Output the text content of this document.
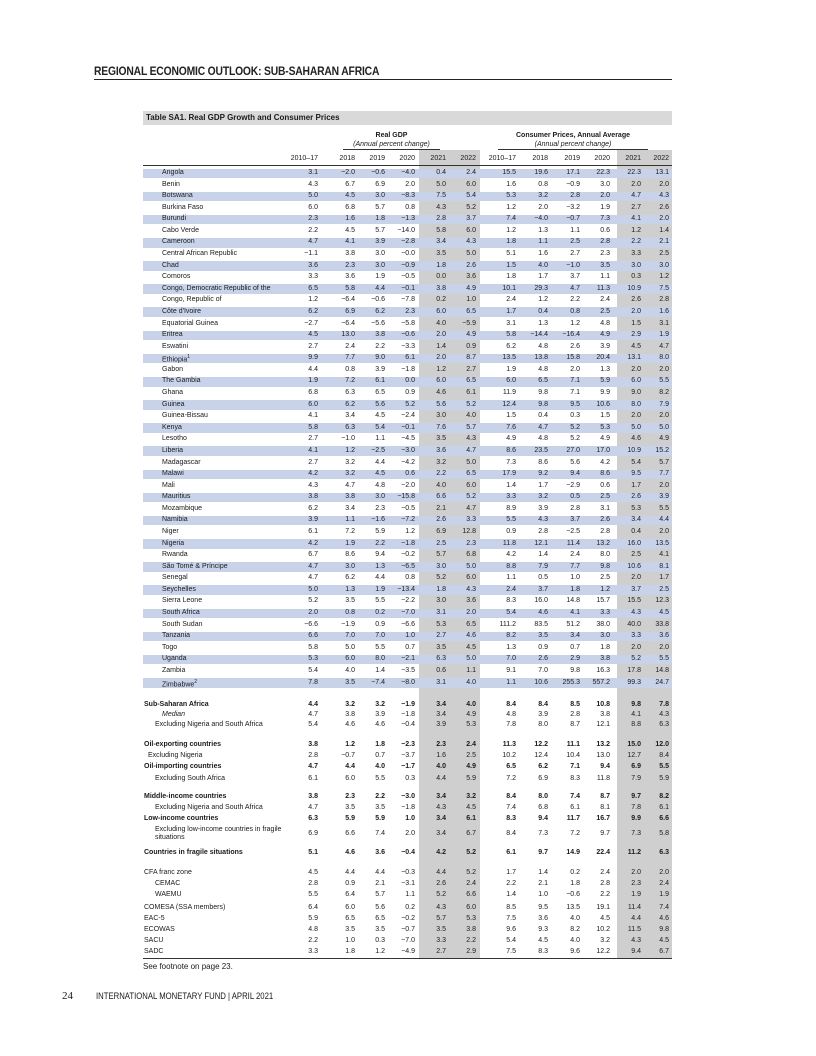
REGIONAL ECONOMIC OUTLOOK: SUB-SAHARAN AFRICA
Table SA1. Real GDP Growth and Consumer Prices
Real GDP
(Annual percent change)
Consumer Prices, Annual Average
(Annual percent change)
2010–17	2018	2019	2020	2021	2022	2010–17	2018	2019	2020	2021	2022
Angola	3.1	−2.0	−0.6	−4.0	0.4	2.4	15.5	19.6	17.1	22.3	22.3	13.1
Benin	4.3	6.7	6.9	2.0	5.0	6.0	1.6	0.8	−0.9	3.0	2.0	2.0
Botswana	5.0	4.5	3.0	−8.3	7.5	5.4	5.3	3.2	2.8	2.0	4.7	4.3
Burkina Faso	6.0	6.8	5.7	0.8	4.3	5.2	1.2	2.0	−3.2	1.9	2.7	2.6
Burundi	2.3	1.6	1.8	−1.3	2.8	3.7	7.4	−4.0	−0.7	7.3	4.1	2.0
Cabo Verde	2.2	4.5	5.7	−14.0	5.8	6.0	1.2	1.3	1.1	0.6	1.2	1.4
Cameroon	4.7	4.1	3.9	−2.8	3.4	4.3	1.8	1.1	2.5	2.8	2.2	2.1
Central African Republic	−1.1	3.8	3.0	−0.0	3.5	5.0	5.1	1.6	2.7	2.3	3.3	2.5
Chad	3.6	2.3	3.0	−0.9	1.8	2.6	1.5	4.0	−1.0	3.5	3.0	3.0
Comoros	3.3	3.6	1.9	−0.5	0.0	3.6	1.8	1.7	3.7	1.1	0.3	1.2
Congo, Democratic Republic of the	6.5	5.8	4.4	−0.1	3.8	4.9	10.1	29.3	4.7	11.3	10.9	7.5
Congo, Republic of	1.2	−6.4	−0.6	−7.8	0.2	1.0	2.4	1.2	2.2	2.4	2.6	2.8
Côte d'Ivoire	6.2	6.9	6.2	2.3	6.0	6.5	1.7	0.4	0.8	2.5	2.0	1.6
Equatorial Guinea	−2.7	−6.4	−5.6	−5.8	4.0	−5.9	3.1	1.3	1.2	4.8	1.5	3.1
Eritrea	4.5	13.0	3.8	−0.6	2.0	4.9	5.8	−14.4	−16.4	4.9	2.9	1.9
Eswatini	2.7	2.4	2.2	−3.3	1.4	0.9	6.2	4.8	2.6	3.9	4.5	4.7
Ethiopia$^1$	9.9	7.7	9.0	6.1	2.0	8.7	13.5	13.8	15.8	20.4	13.1	8.0
Gabon	4.4	0.8	3.9	−1.8	1.2	2.7	1.9	4.8	2.0	1.3	2.0	2.0
The Gambia	1.9	7.2	6.1	0.0	6.0	6.5	6.0	6.5	7.1	5.9	6.0	5.5
Ghana	6.8	6.3	6.5	0.9	4.6	6.1	11.9	9.8	7.1	9.9	9.0	8.2
Guinea	6.0	6.2	5.6	5.2	5.6	5.2	12.4	9.8	9.5	10.6	8.0	7.9
Guinea-Bissau	4.1	3.4	4.5	−2.4	3.0	4.0	1.5	0.4	0.3	1.5	2.0	2.0
Kenya	5.8	6.3	5.4	−0.1	7.6	5.7	7.6	4.7	5.2	5.3	5.0	5.0
Lesotho	2.7	−1.0	1.1	−4.5	3.5	4.3	4.9	4.8	5.2	4.9	4.6	4.9
Liberia	4.1	1.2	−2.5	−3.0	3.6	4.7	8.6	23.5	27.0	17.0	10.9	15.2
Madagascar	2.7	3.2	4.4	−4.2	3.2	5.0	7.3	8.6	5.6	4.2	5.4	5.7
Malawi	4.2	3.2	4.5	0.6	2.2	6.5	17.9	9.2	9.4	8.6	9.5	7.7
Mali	4.3	4.7	4.8	−2.0	4.0	6.0	1.4	1.7	−2.9	0.6	1.7	2.0
Mauritius	3.8	3.8	3.0	−15.8	6.6	5.2	3.3	3.2	0.5	2.5	2.6	3.9
Mozambique	6.2	3.4	2.3	−0.5	2.1	4.7	8.9	3.9	2.8	3.1	5.3	5.5
Namibia	3.9	1.1	−1.6	−7.2	2.6	3.3	5.5	4.3	3.7	2.6	3.4	4.4
Niger	6.1	7.2	5.9	1.2	6.9	12.8	0.9	2.8	−2.5	2.8	0.4	2.0
Nigeria	4.2	1.9	2.2	−1.8	2.5	2.3	11.8	12.1	11.4	13.2	16.0	13.5
Rwanda	6.7	8.6	9.4	−0.2	5.7	6.8	4.2	1.4	2.4	8.0	2.5	4.1
São Tomé & Príncipe	4.7	3.0	1.3	−6.5	3.0	5.0	8.8	7.9	7.7	9.8	10.6	8.1
Senegal	4.7	6.2	4.4	0.8	5.2	6.0	1.1	0.5	1.0	2.5	2.0	1.7
Seychelles	5.0	1.3	1.9	−13.4	1.8	4.3	2.4	3.7	1.8	1.2	3.7	2.5
Sierra Leone	5.2	3.5	5.5	−2.2	3.0	3.6	8.3	16.0	14.8	15.7	15.5	12.3
South Africa	2.0	0.8	0.2	−7.0	3.1	2.0	5.4	4.6	4.1	3.3	4.3	4.5
South Sudan	−6.6	−1.9	0.9	−6.6	5.3	6.5	111.2	83.5	51.2	38.0	40.0	33.8
Tanzania	6.6	7.0	7.0	1.0	2.7	4.6	8.2	3.5	3.4	3.0	3.3	3.6
Togo	5.8	5.0	5.5	0.7	3.5	4.5	1.3	0.9	0.7	1.8	2.0	2.0
Uganda	5.3	6.0	8.0	−2.1	6.3	5.0	7.0	2.6	2.9	3.8	5.2	5.5
Zambia	5.4	4.0	1.4	−3.5	0.6	1.1	9.1	7.0	9.8	16.3	17.8	14.8
Zimbabwe$^2$	7.8	3.5	−7.4	−8.0	3.1	4.0	1.1	10.6	255.3	557.2	99.3	24.7
Sub-Saharan Africa	4.4	3.2	3.2	−1.9	3.4	4.0	8.4	8.4	8.5	10.8	9.8	7.8
Median	4.7	3.8	3.9	−1.8	3.4	4.9	4.8	3.9	2.8	3.8	4.1	4.3
Excluding Nigeria and South Africa	5.4	4.6	4.6	−0.4	3.9	5.3	7.8	8.0	8.7	12.1	8.8	6.3
Oil-exporting countries	3.8	1.2	1.8	−2.3	2.3	2.4	11.3	12.2	11.1	13.2	15.0	12.0
Excluding Nigeria	2.8	−0.7	0.7	−3.7	1.6	2.5	10.2	12.4	10.4	13.0	12.7	8.4
Oil-importing countries	4.7	4.4	4.0	−1.7	4.0	4.9	6.5	6.2	7.1	9.4	6.9	5.5
Excluding South Africa	6.1	6.0	5.5	0.3	4.4	5.9	7.2	6.9	8.3	11.8	7.9	5.9
Middle-income countries	3.8	2.3	2.2	−3.0	3.4	3.2	8.4	8.0	7.4	8.7	9.7	8.2
Excluding Nigeria and South Africa	4.7	3.5	3.5	−1.8	4.3	4.5	7.4	6.8	6.1	8.1	7.8	6.1
Low-income countries	6.3	5.9	5.9	1.0	3.4	6.1	8.3	9.4	11.7	16.7	9.9	6.6
Excluding low-income countries in fragile situations
6.9	6.6	7.4	2.0	3.4	6.7	8.4	7.3	7.2	9.7	7.3	5.8
Countries in fragile situations	5.1	4.6	3.6	−0.4	4.2	5.2	6.1	9.7	14.9	22.4	11.2	6.3
CFA franc zone	4.5	4.4	4.4	−0.3	4.4	5.2	1.7	1.4	0.2	2.4	2.0	2.0
CEMAC	2.8	0.9	2.1	−3.1	2.6	2.4	2.2	2.1	1.8	2.8	2.3	2.4
WAEMU	5.5	6.4	5.7	1.1	5.2	6.6	1.4	1.0	−0.6	2.2	1.9	1.9
COMESA (SSA members)	6.4	6.0	5.6	0.2	4.3	6.0	8.5	9.5	13.5	19.1	11.4	7.4
EAC-5	5.9	6.5	6.5	−0.2	5.7	5.3	7.5	3.6	4.0	4.5	4.4	4.6
ECOWAS	4.8	3.5	3.5	−0.7	3.5	3.8	9.6	9.3	8.2	10.2	11.5	9.8
SACU	2.2	1.0	0.3	−7.0	3.3	2.2	5.4	4.5	4.0	3.2	4.3	4.5
SADC	3.3	1.8	1.2	−4.9	2.7	2.9	7.5	8.3	9.6	12.2	9.4	6.7
See footnote on page 23.
24	INTERNATIONAL MONETARY FUND | APRIL 2021
